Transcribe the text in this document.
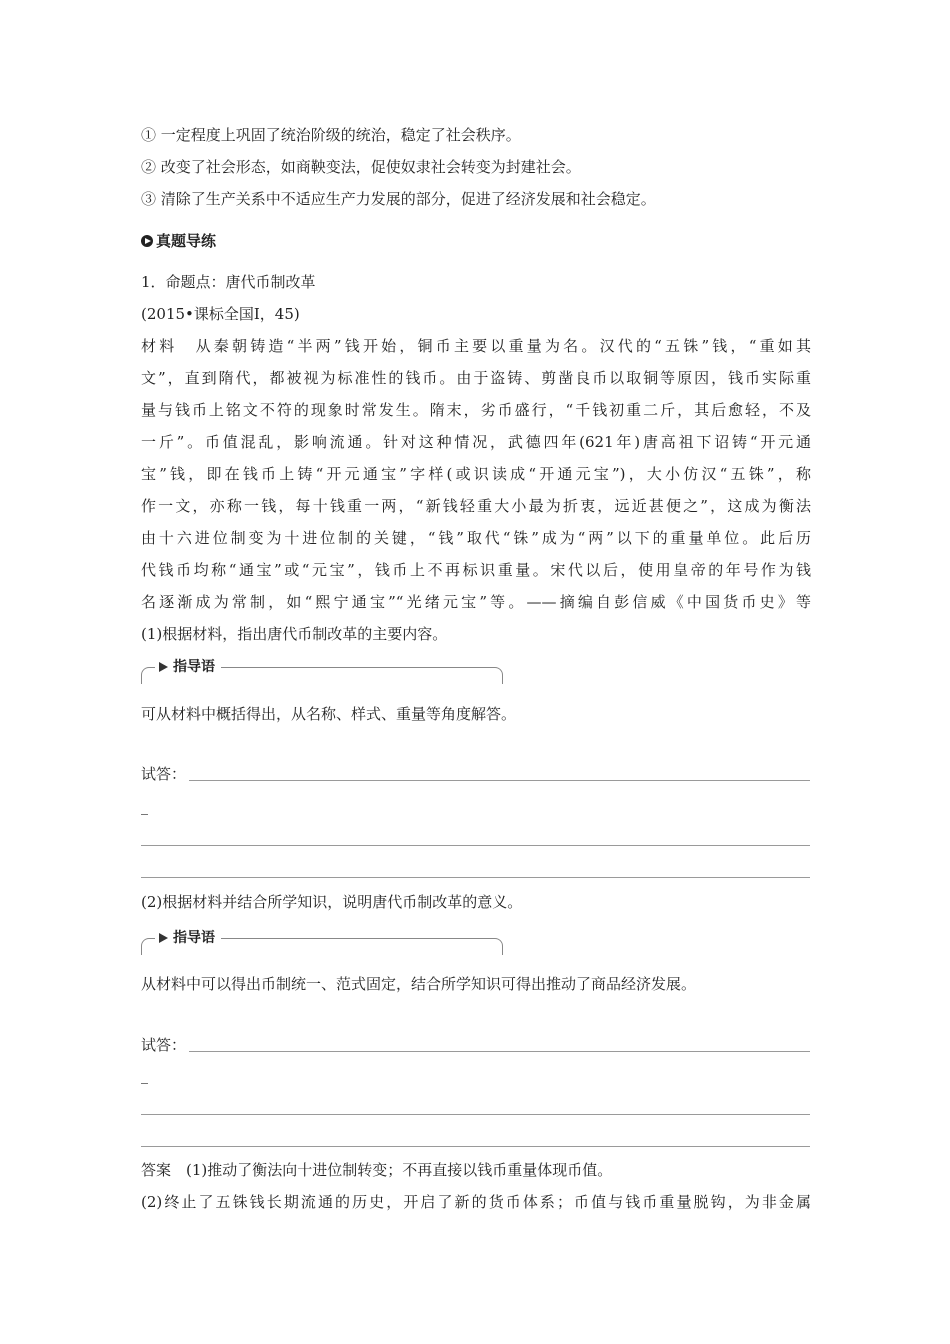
① 一定程度上巩固了统治阶级的统治，稳定了社会秩序。
② 改变了社会形态，如商鞅变法，促使奴隶社会转变为封建社会。
③ 清除了生产关系中不适应生产力发展的部分，促进了经济发展和社会稳定。
真题导练
1．命题点：唐代币制改革
(2015•课标全国Ⅰ，45)
材料　从秦朝铸造“半两”钱开始，铜币主要以重量为名。汉代的“五铢”钱，“重如其
文”，直到隋代，都被视为标准性的钱币。由于盗铸、剪凿良币以取铜等原因，钱币实际重
量与钱币上铭文不符的现象时常发生。隋末，劣币盛行，“千钱初重二斤，其后愈轻，不及
一斤”。币值混乱，影响流通。针对这种情况，武德四年(621年)唐高祖下诏铸“开元通
宝”钱，即在钱币上铸“开元通宝”字样(或识读成“开通元宝”)，大小仿汉“五铢”，称
作一文，亦称一钱，每十钱重一两，“新钱轻重大小最为折衷，远近甚便之”，这成为衡法
由十六进位制变为十进位制的关键，“钱”取代“铢”成为“两”以下的重量单位。此后历
代钱币均称“通宝”或“元宝”，钱币上不再标识重量。宋代以后，使用皇帝的年号作为钱
名逐渐成为常制，如“熙宁通宝”“光绪元宝”等。——摘编自彭信威《中国货币史》等
(1)根据材料，指出唐代币制改革的主要内容。
指导语
可从材料中概括得出，从名称、样式、重量等角度解答。
试答：
(2)根据材料并结合所学知识，说明唐代币制改革的意义。
指导语
从材料中可以得出币制统一、范式固定，结合所学知识可得出推动了商品经济发展。
试答：
答案　(1)推动了衡法向十进位制转变；不再直接以钱币重量体现币值。
(2)终止了五铢钱长期流通的历史，开启了新的货币体系；币值与钱币重量脱钩，为非金属
